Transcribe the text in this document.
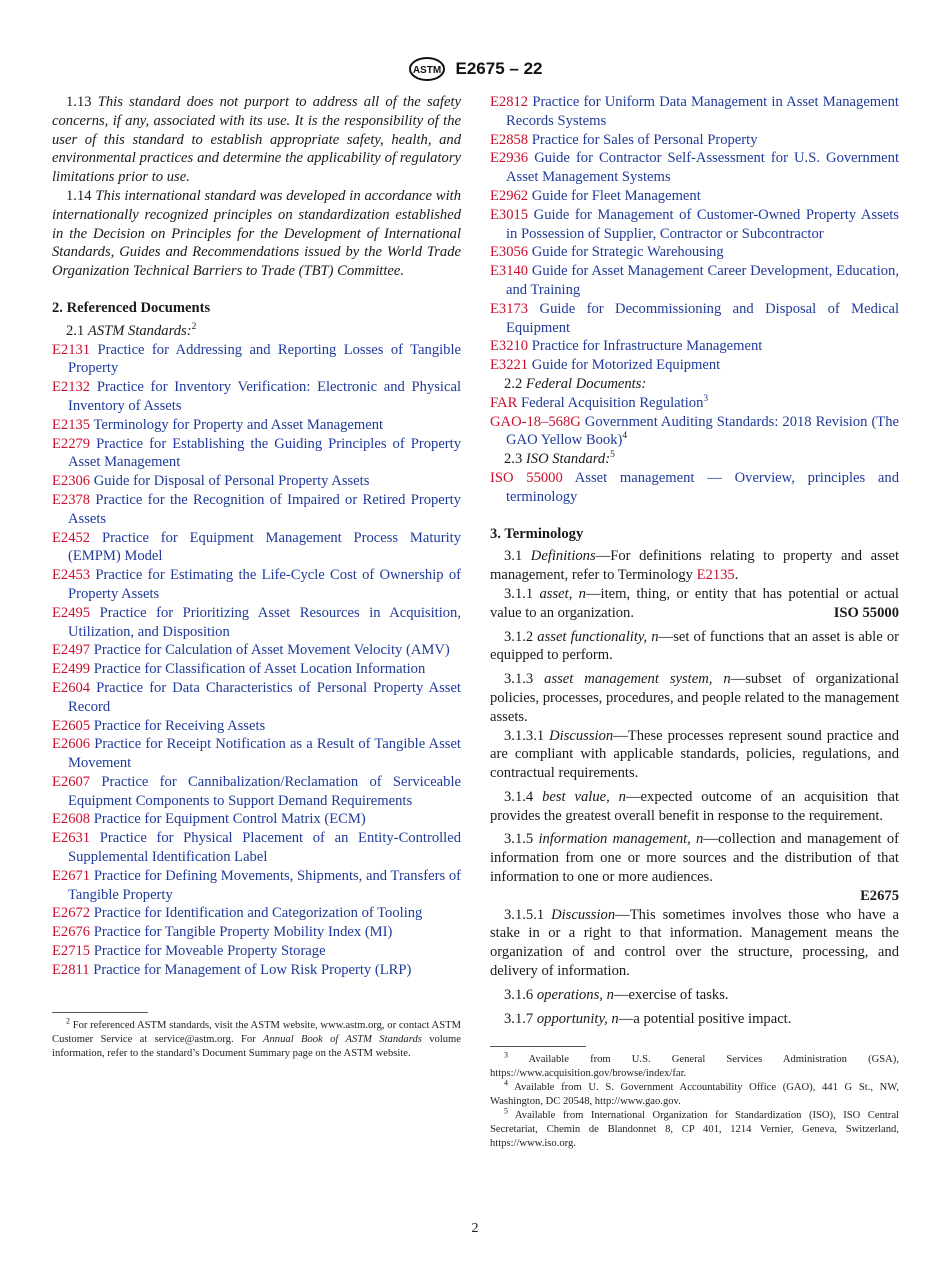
ASTM E2675 – 22

1.13 This standard does not purport to address all of the safety concerns, if any, associated with its use. It is the responsibility of the user of this standard to establish appropriate safety, health, and environmental practices and determine the applicability of regulatory limitations prior to use.

1.14 This international standard was developed in accordance with internationally recognized principles on standardization established in the Decision on Principles for the Development of International Standards, Guides and Recommendations issued by the World Trade Organization Technical Barriers to Trade (TBT) Committee.

2. Referenced Documents

2.1 ASTM Standards:$^2$

E2131 Practice for Addressing and Reporting Losses of Tangible Property

E2132 Practice for Inventory Verification: Electronic and Physical Inventory of Assets

E2135 Terminology for Property and Asset Management

E2279 Practice for Establishing the Guiding Principles of Property Asset Management

E2306 Guide for Disposal of Personal Property Assets

E2378 Practice for the Recognition of Impaired or Retired Property Assets

E2452 Practice for Equipment Management Process Maturity (EMPM) Model

E2453 Practice for Estimating the Life-Cycle Cost of Ownership of Property Assets

E2495 Practice for Prioritizing Asset Resources in Acquisition, Utilization, and Disposition

E2497 Practice for Calculation of Asset Movement Velocity (AMV)

E2499 Practice for Classification of Asset Location Information

E2604 Practice for Data Characteristics of Personal Property Asset Record

E2605 Practice for Receiving Assets

E2606 Practice for Receipt Notification as a Result of Tangible Asset Movement

E2607 Practice for Cannibalization/Reclamation of Serviceable Equipment Components to Support Demand Requirements

E2608 Practice for Equipment Control Matrix (ECM)

E2631 Practice for Physical Placement of an Entity-Controlled Supplemental Identification Label

E2671 Practice for Defining Movements, Shipments, and Transfers of Tangible Property

E2672 Practice for Identification and Categorization of Tooling

E2676 Practice for Tangible Property Mobility Index (MI)

E2715 Practice for Moveable Property Storage

E2811 Practice for Management of Low Risk Property (LRP)

$^2$ For referenced ASTM standards, visit the ASTM website, www.astm.org, or contact ASTM Customer Service at service@astm.org. For Annual Book of ASTM Standards volume information, refer to the standard’s Document Summary page on the ASTM website.

E2812 Practice for Uniform Data Management in Asset Management Records Systems

E2858 Practice for Sales of Personal Property

E2936 Guide for Contractor Self-Assessment for U.S. Government Asset Management Systems

E2962 Guide for Fleet Management

E3015 Guide for Management of Customer-Owned Property Assets in Possession of Supplier, Contractor or Subcontractor

E3056 Guide for Strategic Warehousing

E3140 Guide for Asset Management Career Development, Education, and Training

E3173 Guide for Decommissioning and Disposal of Medical Equipment

E3210 Practice for Infrastructure Management

E3221 Guide for Motorized Equipment

2.2 Federal Documents:

FAR Federal Acquisition Regulation$^3$

GAO-18–568G Government Auditing Standards: 2018 Revision (The GAO Yellow Book)$^4$

2.3 ISO Standard:$^5$

ISO 55000 Asset management — Overview, principles and terminology

3. Terminology

3.1 Definitions—For definitions relating to property and asset management, refer to Terminology E2135.

3.1.1 asset, n—item, thing, or entity that has potential or actual value to an organization.	ISO 55000

3.1.2 asset functionality, n—set of functions that an asset is able or equipped to perform.

3.1.3 asset management system, n—subset of organizational policies, processes, procedures, and people related to the management assets.

3.1.3.1 Discussion—These processes represent sound practice and are compliant with applicable standards, policies, regulations, and contractual requirements.

3.1.4 best value, n—expected outcome of an acquisition that provides the greatest overall benefit in response to the requirement.

3.1.5 information management, n—collection and management of information from one or more sources and the distribution of that information to one or more audiences.

E2675

3.1.5.1 Discussion—This sometimes involves those who have a stake in or a right to that information. Management means the organization of and control over the structure, processing, and delivery of information.

3.1.6 operations, n—exercise of tasks.

3.1.7 opportunity, n—a potential positive impact.

$^3$ Available from U.S. General Services Administration (GSA), https://www.acquisition.gov/browse/index/far.

$^4$ Available from U. S. Government Accountability Office (GAO), 441 G St., NW, Washington, DC 20548, http://www.gao.gov.

$^5$ Available from International Organization for Standardization (ISO), ISO Central Secretariat, Chemin de Blandonnet 8, CP 401, 1214 Vernier, Geneva, Switzerland, https://www.iso.org.

2
